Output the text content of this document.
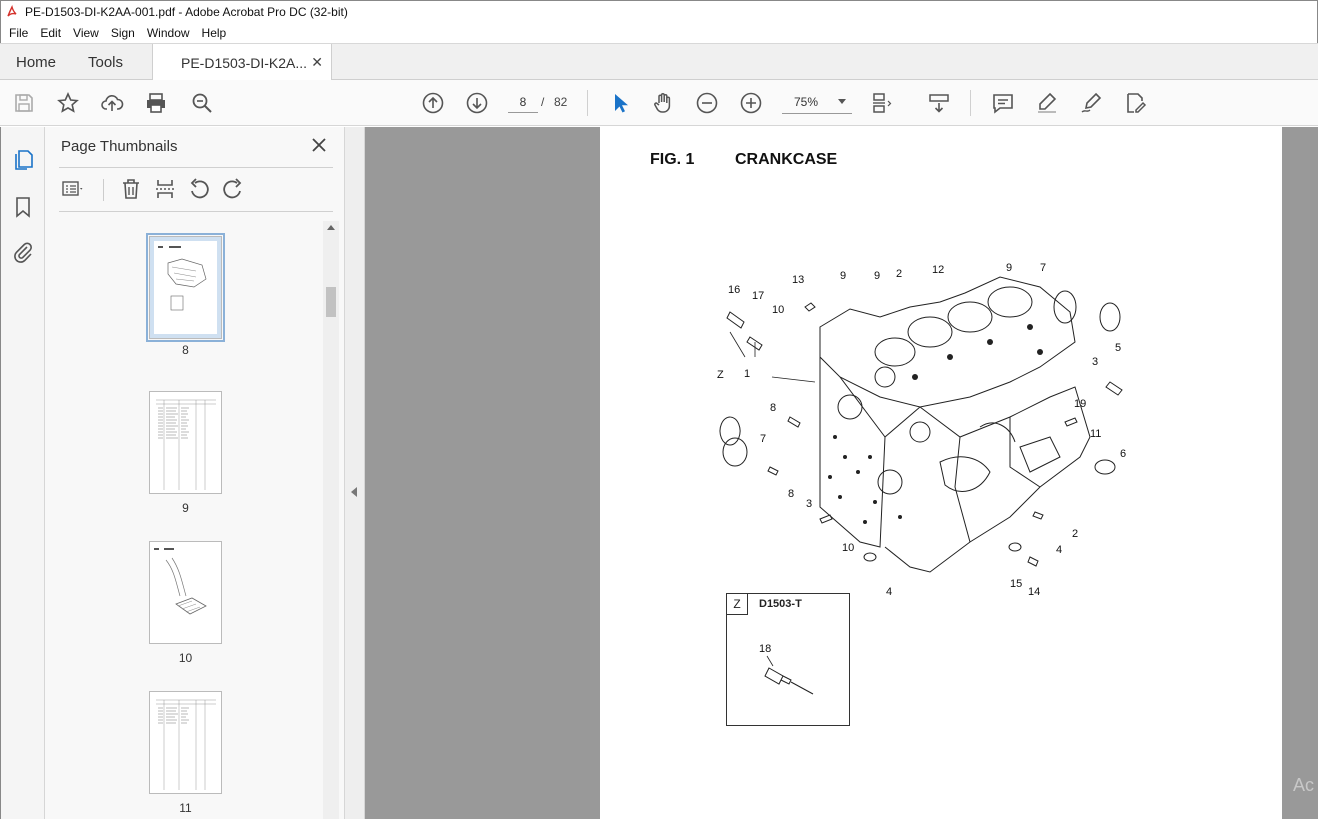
PE-D1503-DI-K2AA-001.pdf - Adobe Acrobat Pro DC (32-bit)
File	Edit	View	Sign	Window	Help
Home Tools	PE-D1503-DI-K2A... ✕
8
/ 82	75%
Page Thumbnails
8
9
10
11
FIG. 1	CRANKCASE
16 17
13	9	9 2	12	9	7
10
5
3
1
Z
19
8
7	11
6
8
3
2
10	4
4
15
14
Z	D1503-T
18
Ac
